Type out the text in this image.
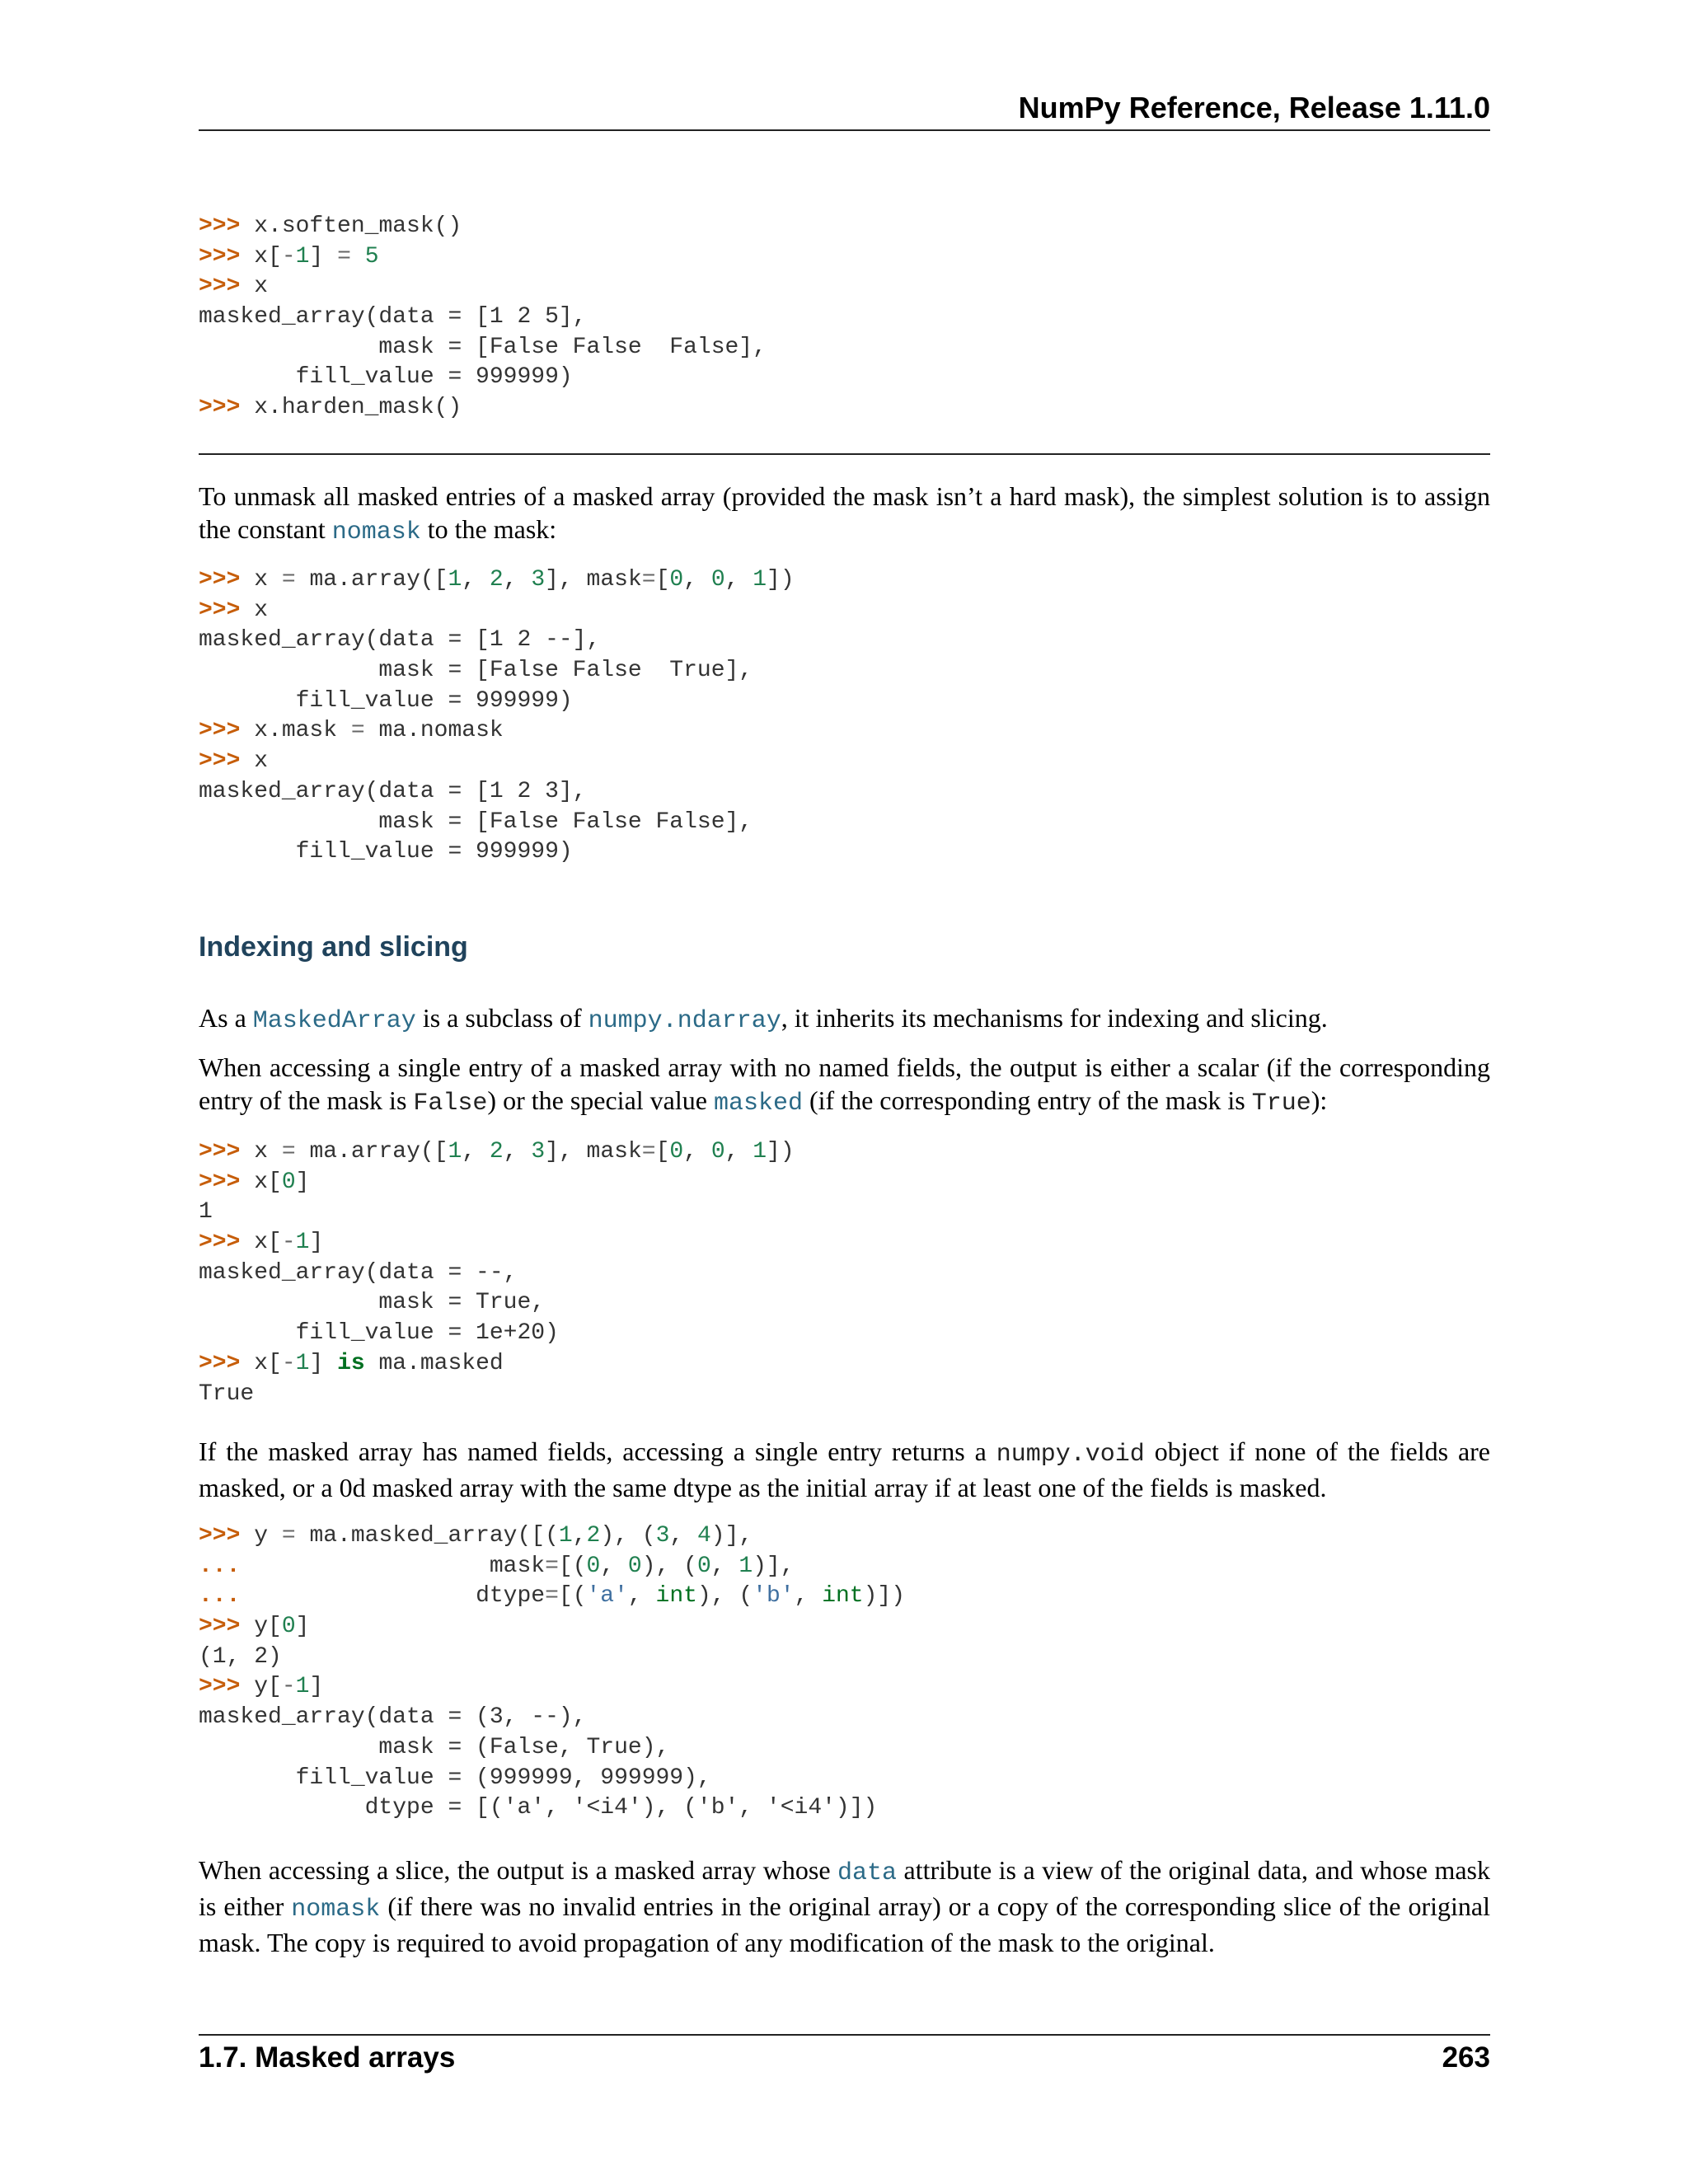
NumPy Reference, Release 1.11.0
>>> x.soften_mask()
>>> x[-1] = 5
>>> x
masked_array(data = [1 2 5],
mask = [False False  False],
fill_value = 999999)
>>> x.harden_mask()

To unmask all masked entries of a masked array (provided the mask isn’t a hard mask), the simplest solution is to assign the constant nomask to the mask:

>>> x = ma.array([1, 2, 3], mask=[0, 0, 1])
>>> x
masked_array(data = [1 2 --],
mask = [False False  True],
fill_value = 999999)
>>> x.mask = ma.nomask
>>> x
masked_array(data = [1 2 3],
mask = [False False False],
fill_value = 999999)
Indexing and slicing

As a MaskedArray is a subclass of numpy.ndarray, it inherits its mechanisms for indexing and slicing.

When accessing a single entry of a masked array with no named fields, the output is either a scalar (if the corresponding entry of the mask is False) or the special value masked (if the corresponding entry of the mask is True):

>>> x = ma.array([1, 2, 3], mask=[0, 0, 1])
>>> x[0]
1
>>> x[-1]
masked_array(data = --,
mask = True,
fill_value = 1e+20)
>>> x[-1] is ma.masked
True

If the masked array has named fields, accessing a single entry returns a numpy.void object if none of the fields are masked, or a 0d masked array with the same dtype as the initial array if at least one of the fields is masked.

>>> y = ma.masked_array([(1,2), (3, 4)],
...                  mask=[(0, 0), (0, 1)],
...                 dtype=[('a', int), ('b', int)])
>>> y[0]
(1, 2)
>>> y[-1]
masked_array(data = (3, --),
mask = (False, True),
fill_value = (999999, 999999),
dtype = [('a', '<i4'), ('b', '<i4')])

When accessing a slice, the output is a masked array whose data attribute is a view of the original data, and whose mask is either nomask (if there was no invalid entries in the original array) or a copy of the corresponding slice of the original mask. The copy is required to avoid propagation of any modification of the mask to the original.

1.7. Masked arrays	263
